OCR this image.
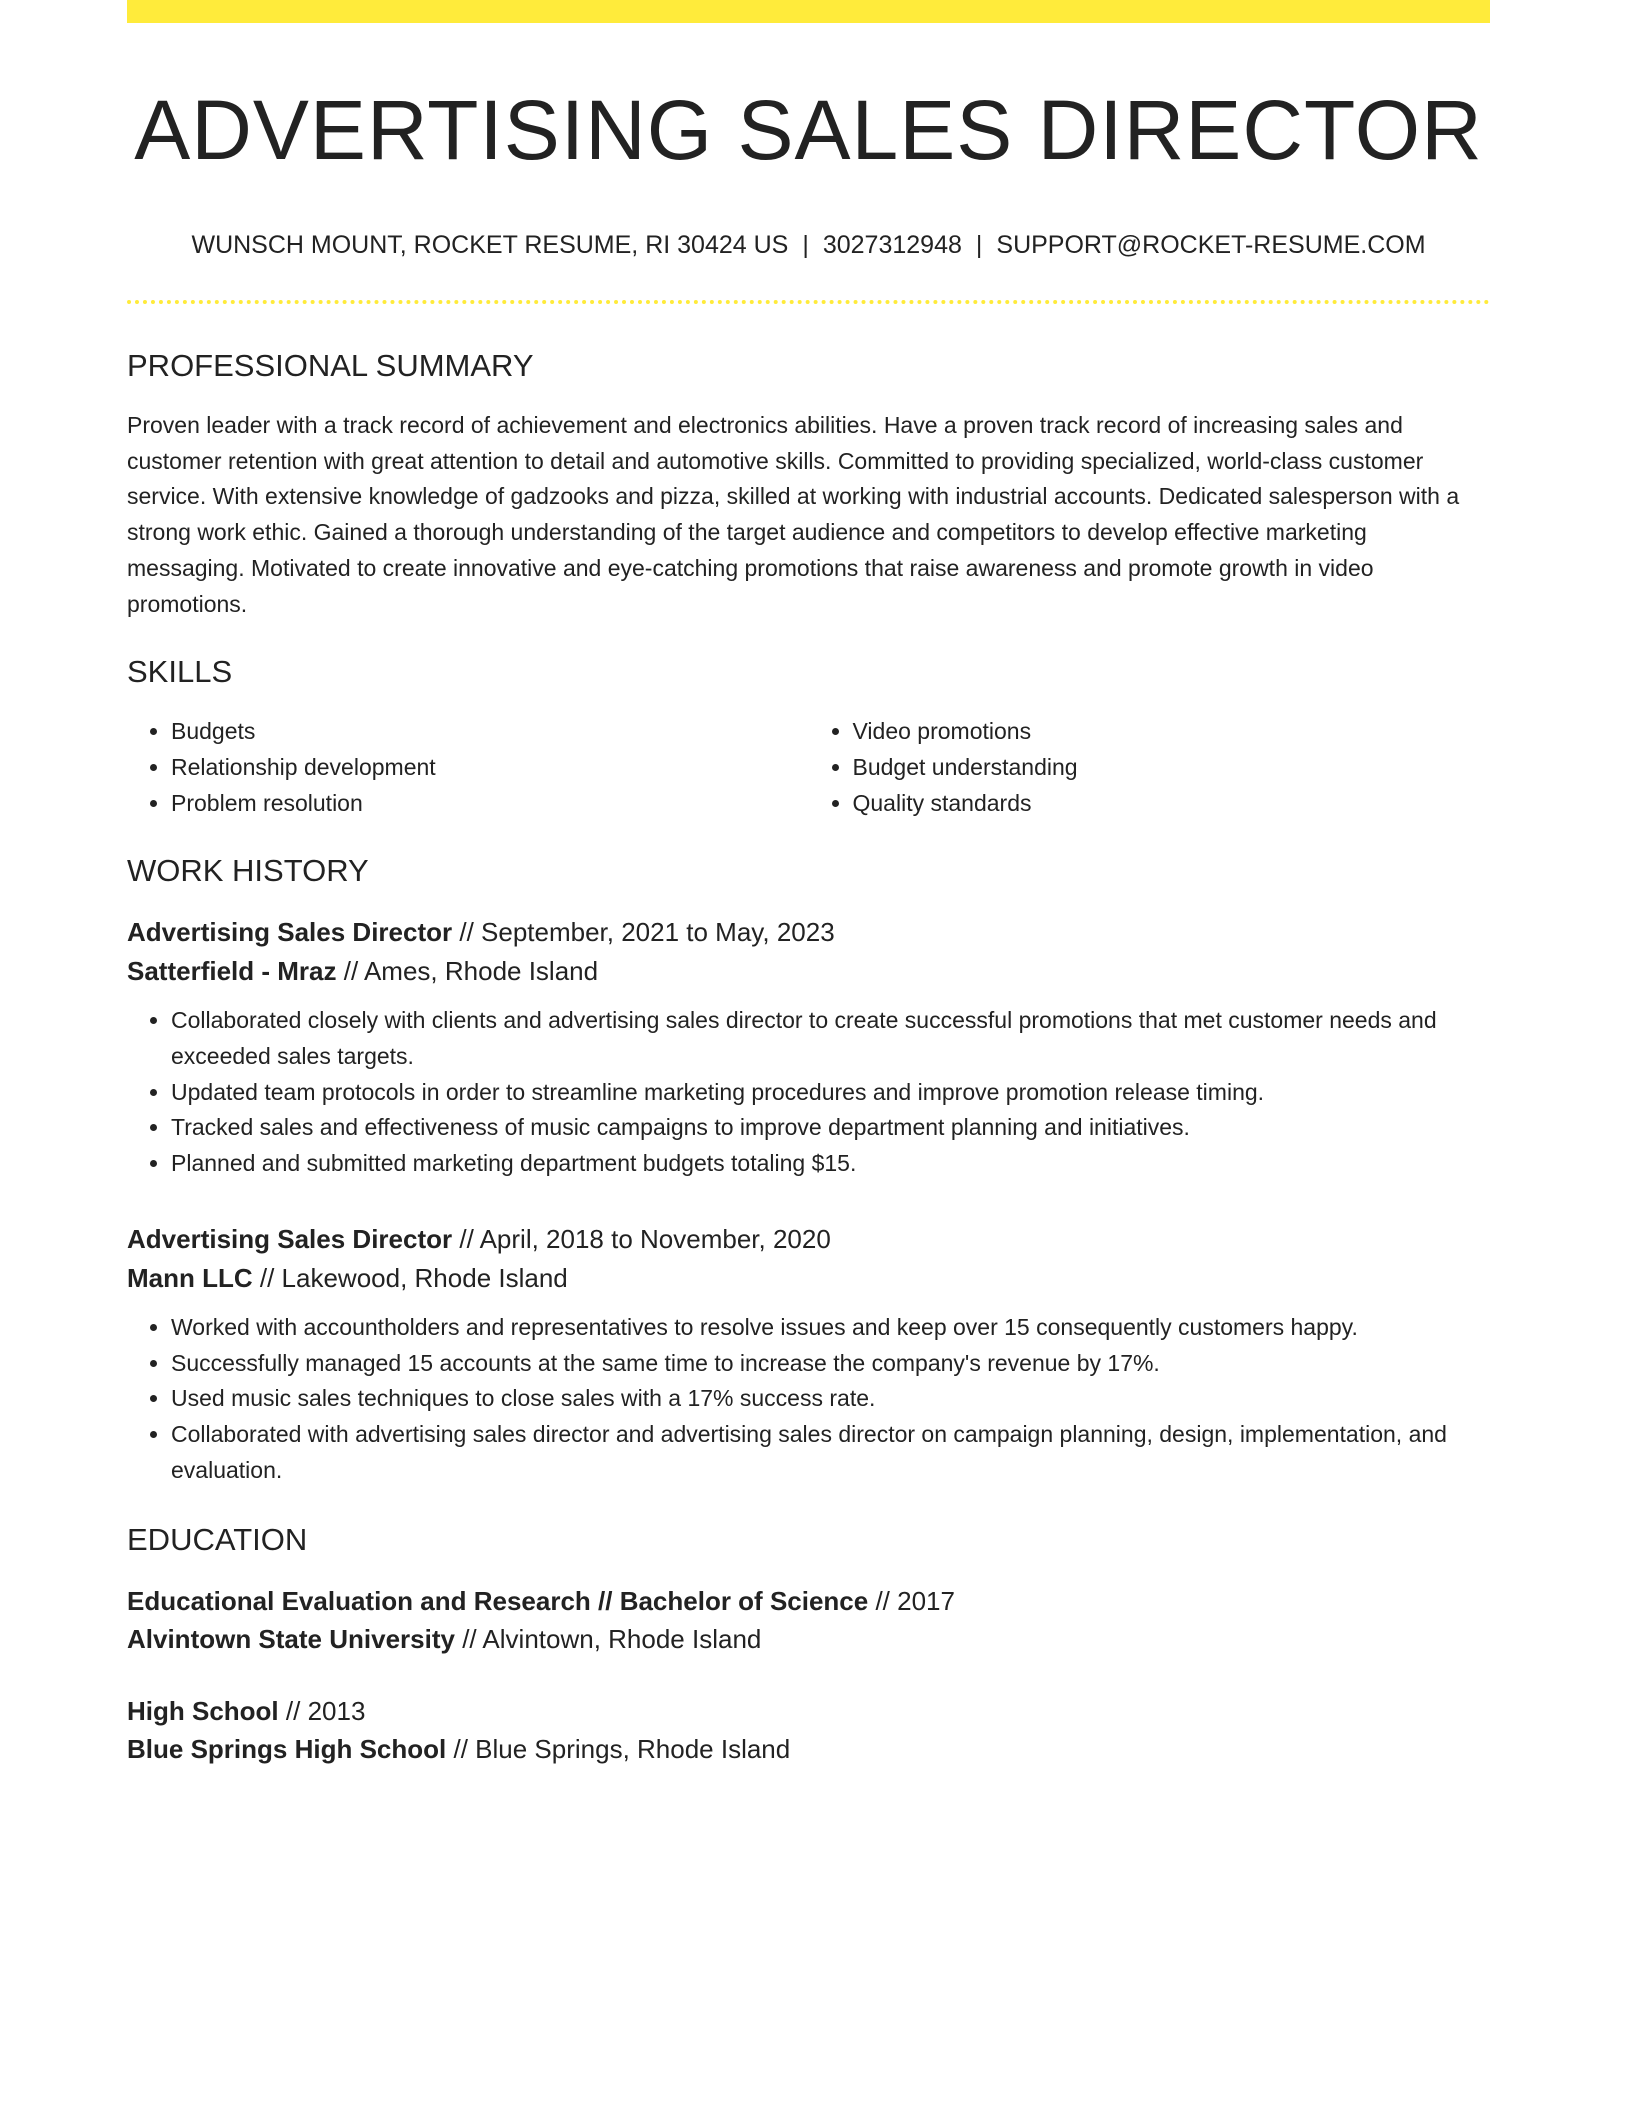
ADVERTISING SALES DIRECTOR
WUNSCH MOUNT, ROCKET RESUME, RI 30424 US | 3027312948 | SUPPORT@ROCKET-RESUME.COM
PROFESSIONAL SUMMARY
Proven leader with a track record of achievement and electronics abilities. Have a proven track record of increasing sales and customer retention with great attention to detail and automotive skills. Committed to providing specialized, world-class customer service. With extensive knowledge of gadzooks and pizza, skilled at working with industrial accounts. Dedicated salesperson with a strong work ethic. Gained a thorough understanding of the target audience and competitors to develop effective marketing messaging. Motivated to create innovative and eye-catching promotions that raise awareness and promote growth in video promotions.
SKILLS
• Budgets
• Relationship development
• Problem resolution
• Video promotions
• Budget understanding
• Quality standards
WORK HISTORY
Advertising Sales Director // September, 2021 to May, 2023
Satterfield - Mraz // Ames, Rhode Island
• Collaborated closely with clients and advertising sales director to create successful promotions that met customer needs and exceeded sales targets.
• Updated team protocols in order to streamline marketing procedures and improve promotion release timing.
• Tracked sales and effectiveness of music campaigns to improve department planning and initiatives.
• Planned and submitted marketing department budgets totaling $15.
Advertising Sales Director // April, 2018 to November, 2020
Mann LLC // Lakewood, Rhode Island
• Worked with accountholders and representatives to resolve issues and keep over 15 consequently customers happy.
• Successfully managed 15 accounts at the same time to increase the company's revenue by 17%.
• Used music sales techniques to close sales with a 17% success rate.
• Collaborated with advertising sales director and advertising sales director on campaign planning, design, implementation, and evaluation.
EDUCATION
Educational Evaluation and Research // Bachelor of Science // 2017
Alvintown State University // Alvintown, Rhode Island
High School // 2013
Blue Springs High School // Blue Springs, Rhode Island
